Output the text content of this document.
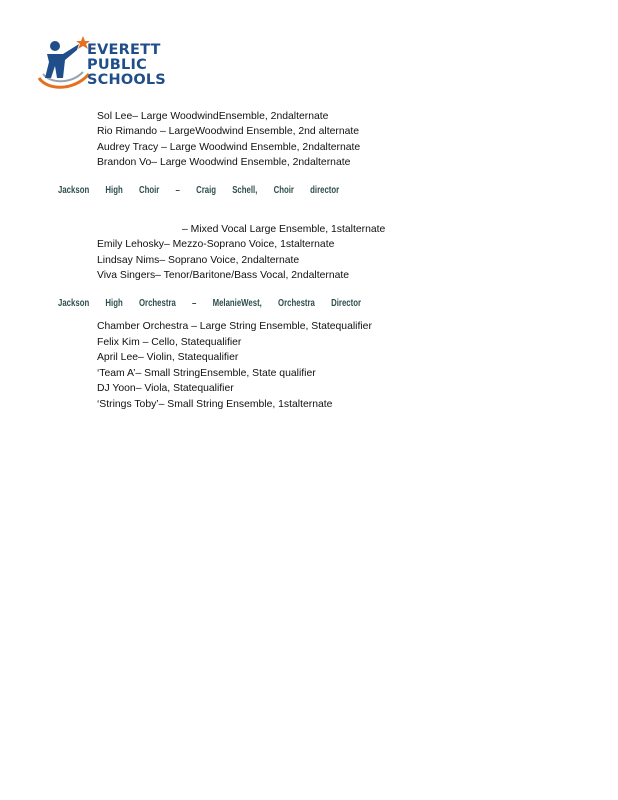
EVERETT
PUBLIC
SCHOOLS
Sol Lee– Large WoodwindEnsemble, 2ndalternate
Rio Rimando – LargeWoodwind Ensemble, 2nd alternate
Audrey Tracy – Large Woodwind Ensemble, 2ndalternate
Brandon Vo– Large Woodwind Ensemble, 2ndalternate
Jackson High Choir – Craig Schell, Choir director
– Mixed Vocal Large Ensemble, 1stalternate
Emily Lehosky– Mezzo-Soprano Voice, 1stalternate
Lindsay Nims– Soprano Voice, 2ndalternate
Viva Singers– Tenor/Baritone/Bass Vocal, 2ndalternate
Jackson High Orchestra – MelanieWest, Orchestra Director
Chamber Orchestra – Large String Ensemble, Statequalifier
Felix Kim – Cello, Statequalifier
April Lee– Violin, Statequalifier
‘Team A’– Small StringEnsemble, State qualifier
DJ Yoon– Viola, Statequalifier
‘Strings Toby’– Small String Ensemble, 1stalternate
